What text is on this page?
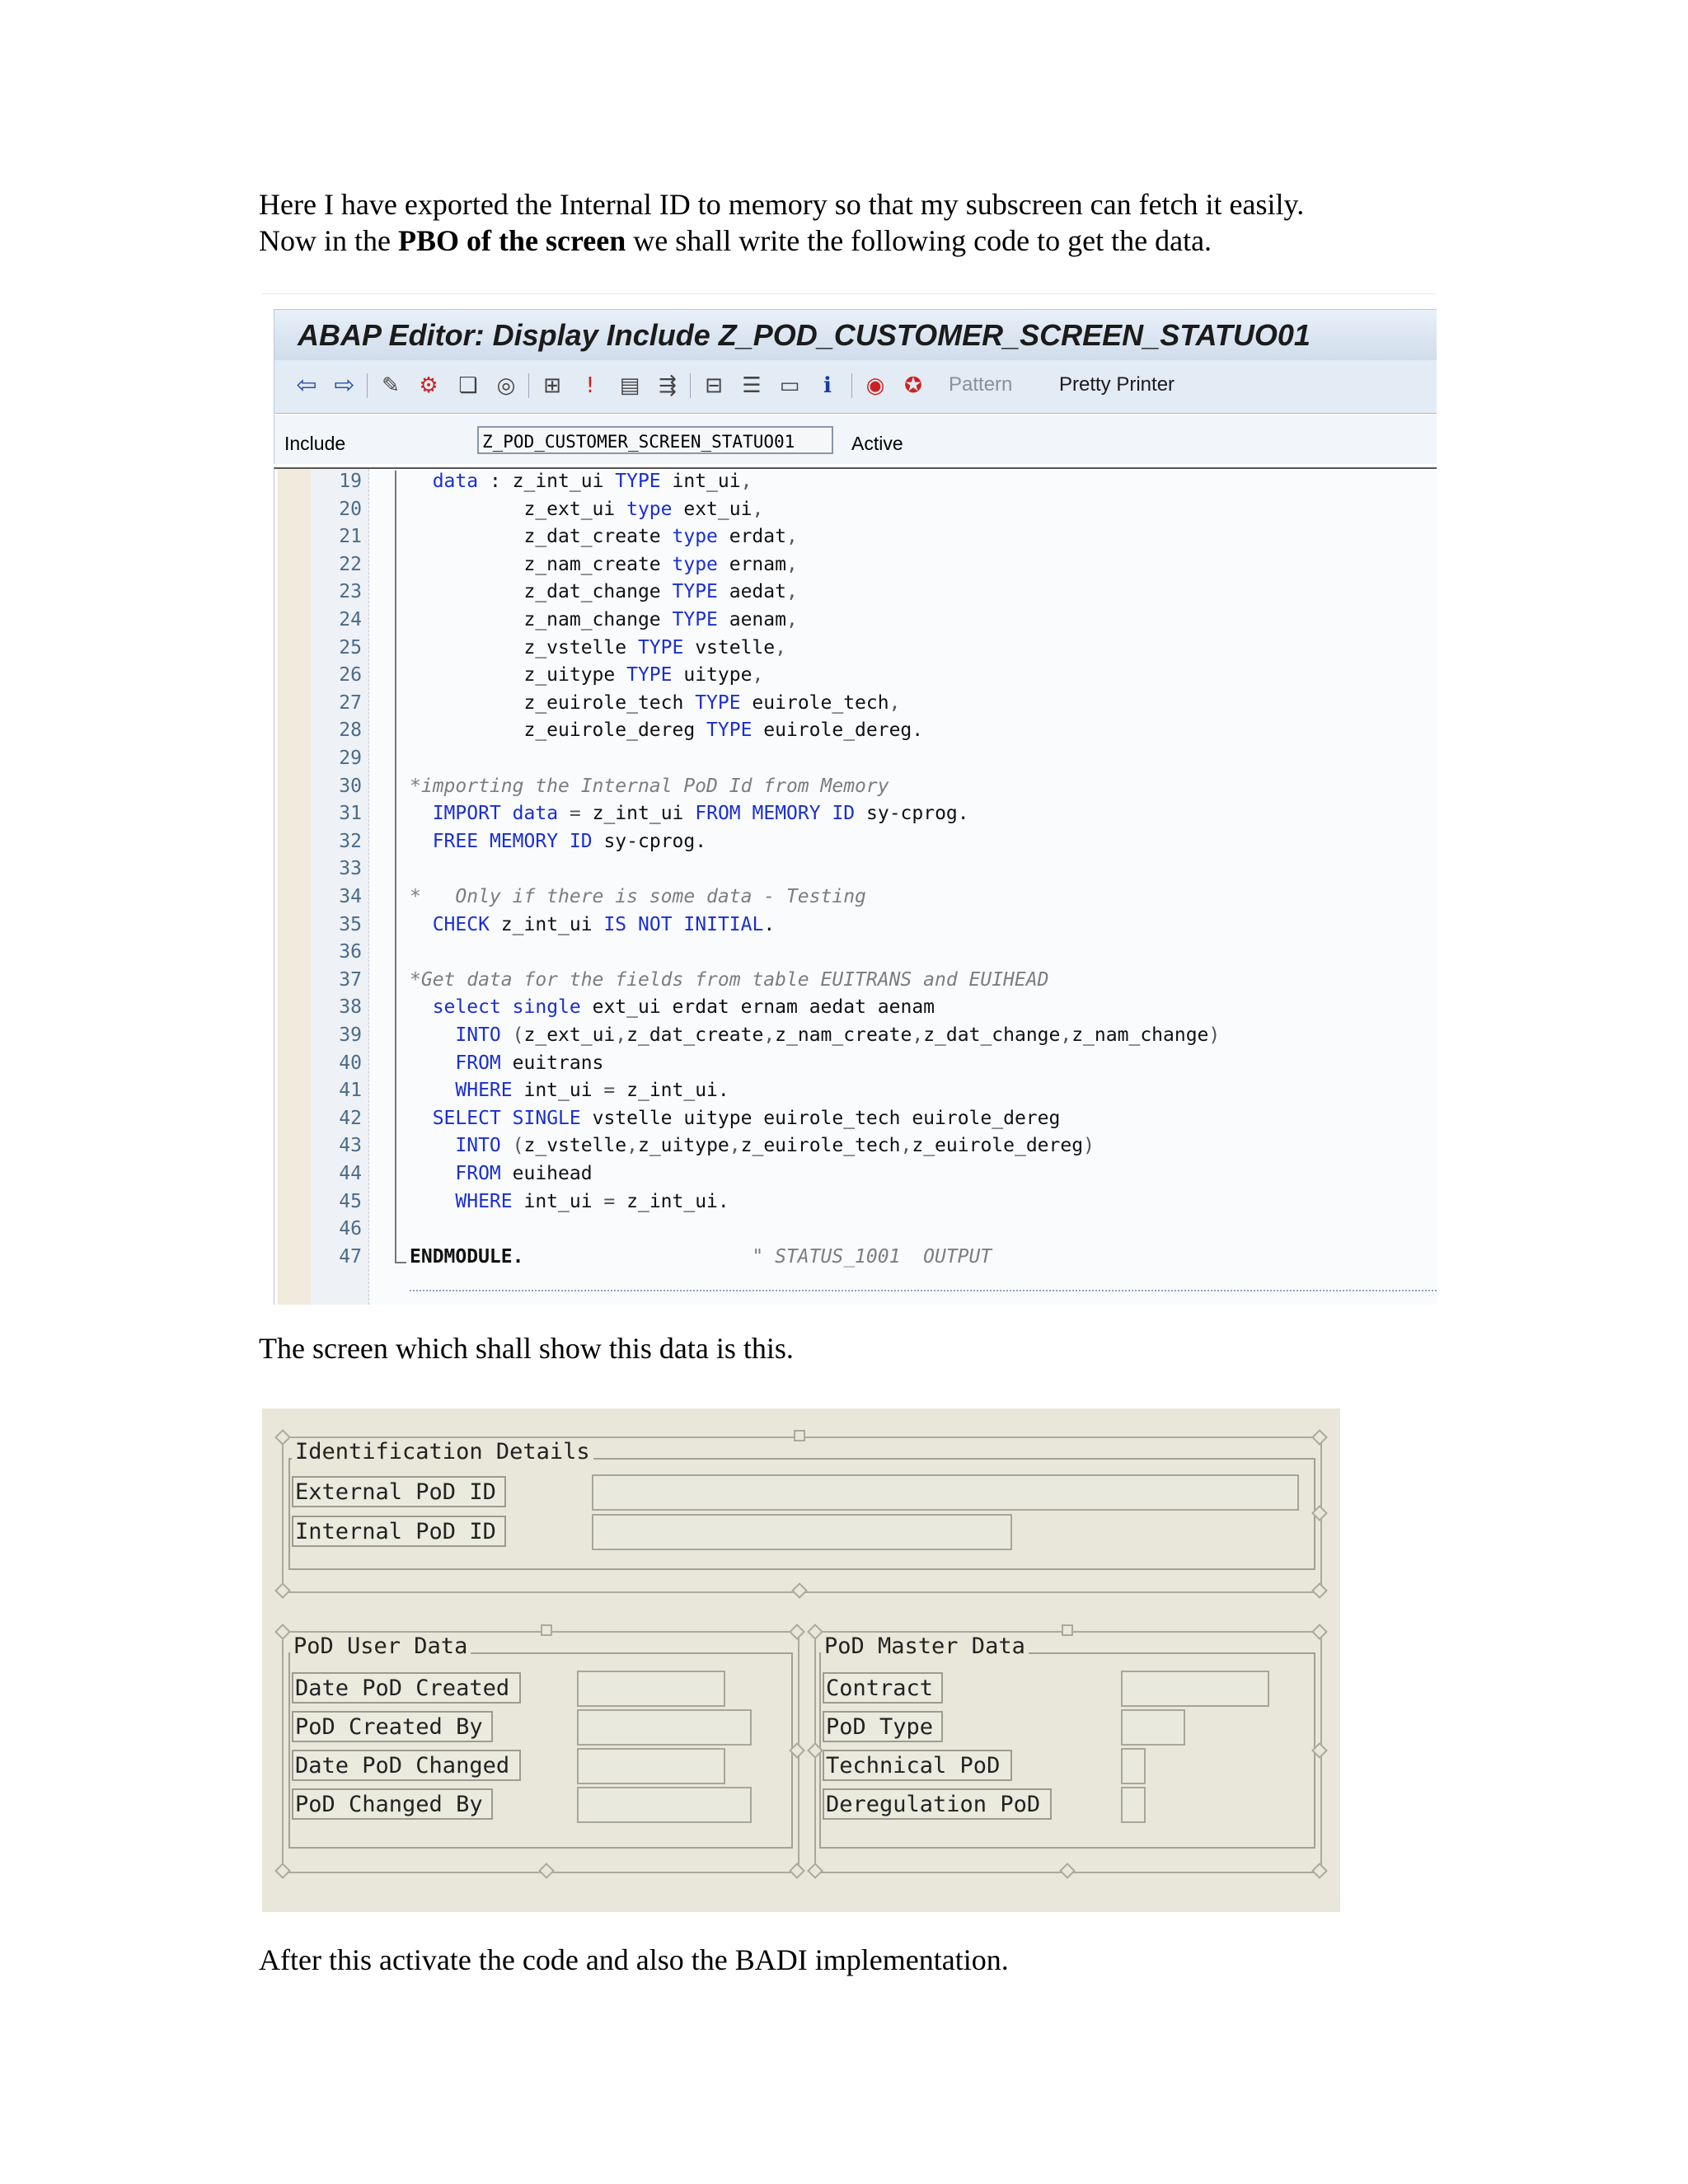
Here I have exported the Internal ID to memory so that my subscreen can fetch it easily.
Now in the PBO of the screen we shall write the following code to get the data.
ABAP Editor: Display Include Z_POD_CUSTOMER_SCREEN_STATUO01
⇦ ⇨ ✎ ⚙ ❏ ◎ ⊞	!	▤ ⇶ ⊟ ☰ ▭	ℹ	◉ ✪ Pattern Pretty Printer
Include	Z_POD_CUSTOMER_SCREEN_STATUO01	Active
19	data : z_int_ui TYPE int_ui,
20	z_ext_ui type ext_ui,
21	z_dat_create type erdat,
22	z_nam_create type ernam,
23	z_dat_change TYPE aedat,
24	z_nam_change TYPE aenam,
25	z_vstelle TYPE vstelle,
26	z_uitype TYPE uitype,
27	z_euirole_tech TYPE euirole_tech,
28	z_euirole_dereg TYPE euirole_dereg.
29
30	*importing the Internal PoD Id from Memory
31	IMPORT data = z_int_ui FROM MEMORY ID sy-cprog.
32	FREE MEMORY ID sy-cprog.
33
34	*   Only if there is some data - Testing
35	CHECK z_int_ui IS NOT INITIAL.
36
37	*Get data for the fields from table EUITRANS and EUIHEAD
38	select single ext_ui erdat ernam aedat aenam
39	INTO (z_ext_ui,z_dat_create,z_nam_create,z_dat_change,z_nam_change)
40	FROM euitrans
41	WHERE int_ui = z_int_ui.
42	SELECT SINGLE vstelle uitype euirole_tech euirole_dereg
43	INTO (z_vstelle,z_uitype,z_euirole_tech,z_euirole_dereg)
44	FROM euihead
45	WHERE int_ui = z_int_ui.
46
47	ENDMODULE.                    " STATUS_1001  OUTPUT
The screen which shall show this data is this.
Identification Details
External PoD ID
Internal PoD ID
PoD User Data
Date PoD Created
PoD Created By
Date PoD Changed
PoD Changed By
PoD Master Data
Contract
PoD Type
Technical PoD
Deregulation PoD
After this activate the code and also the BADI implementation.
